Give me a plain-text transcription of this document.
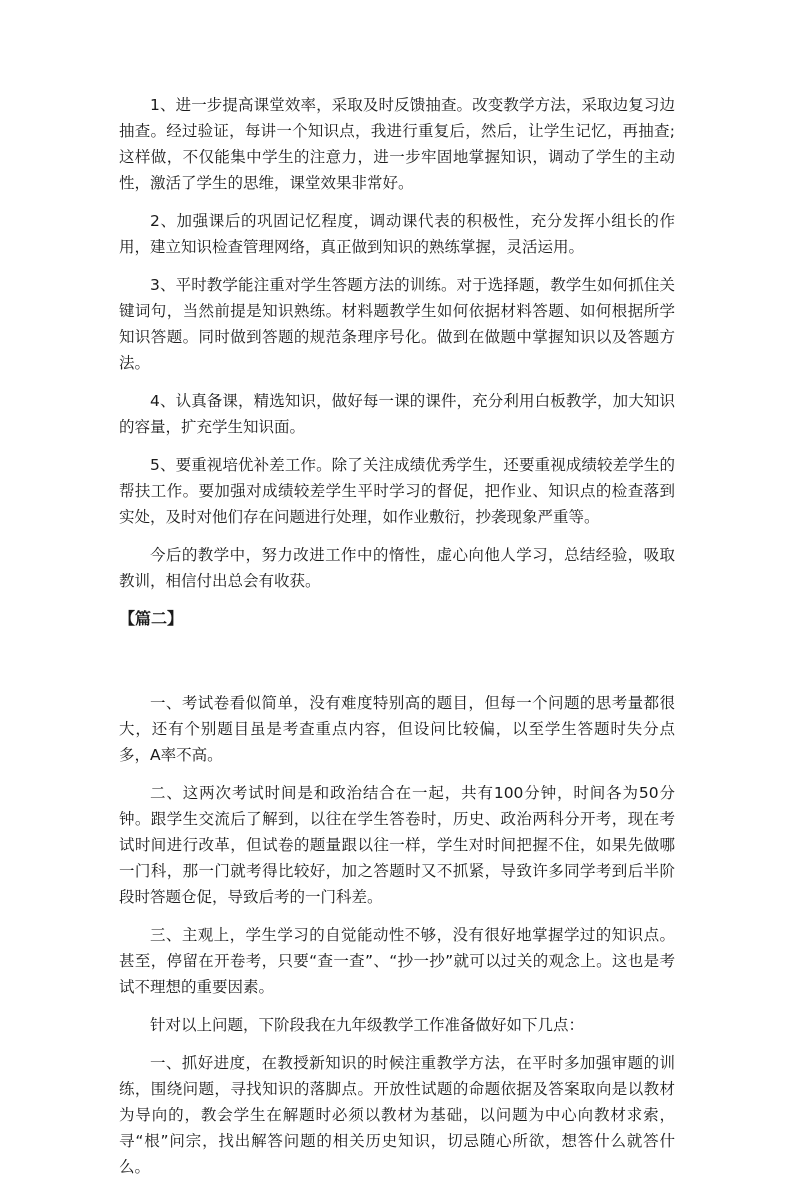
1、进一步提高课堂效率，采取及时反馈抽查。改变教学方法，采取边复习边抽查。经过验证，每讲一个知识点，我进行重复后，然后，让学生记忆，再抽查;这样做，不仅能集中学生的注意力，进一步牢固地掌握知识，调动了学生的主动性，激活了学生的思维，课堂效果非常好。

2、加强课后的巩固记忆程度，调动课代表的积极性，充分发挥小组长的作用，建立知识检查管理网络，真正做到知识的熟练掌握，灵活运用。

3、平时教学能注重对学生答题方法的训练。对于选择题，教学生如何抓住关键词句，当然前提是知识熟练。材料题教学生如何依据材料答题、如何根据所学知识答题。同时做到答题的规范条理序号化。做到在做题中掌握知识以及答题方法。

4、认真备课，精选知识，做好每一课的课件，充分利用白板教学，加大知识的容量，扩充学生知识面。

5、要重视培优补差工作。除了关注成绩优秀学生，还要重视成绩较差学生的帮扶工作。要加强对成绩较差学生平时学习的督促，把作业、知识点的检查落到实处，及时对他们存在问题进行处理，如作业敷衍，抄袭现象严重等。

今后的教学中，努力改进工作中的惰性，虚心向他人学习，总结经验，吸取教训，相信付出总会有收获。

【篇二】

一、考试卷看似简单，没有难度特别高的题目，但每一个问题的思考量都很大，还有个别题目虽是考查重点内容，但设问比较偏，以至学生答题时失分点多，A率不高。

二、这两次考试时间是和政治结合在一起，共有100分钟，时间各为50分钟。跟学生交流后了解到，以往在学生答卷时，历史、政治两科分开考，现在考试时间进行改革，但试卷的题量跟以往一样，学生对时间把握不住，如果先做哪一门科，那一门就考得比较好，加之答题时又不抓紧，导致许多同学考到后半阶段时答题仓促，导致后考的一门科差。

三、主观上，学生学习的自觉能动性不够，没有很好地掌握学过的知识点。甚至，停留在开卷考，只要“查一查”、“抄一抄”就可以过关的观念上。这也是考试不理想的重要因素。

针对以上问题，下阶段我在九年级教学工作准备做好如下几点：

一、抓好进度，在教授新知识的时候注重教学方法，在平时多加强审题的训练，围绕问题，寻找知识的落脚点。开放性试题的命题依据及答案取向是以教材为导向的，教会学生在解题时必须以教材为基础，以问题为中心向教材求索，寻“根”问宗，找出解答问题的相关历史知识，切忌随心所欲，想答什么就答什么。
